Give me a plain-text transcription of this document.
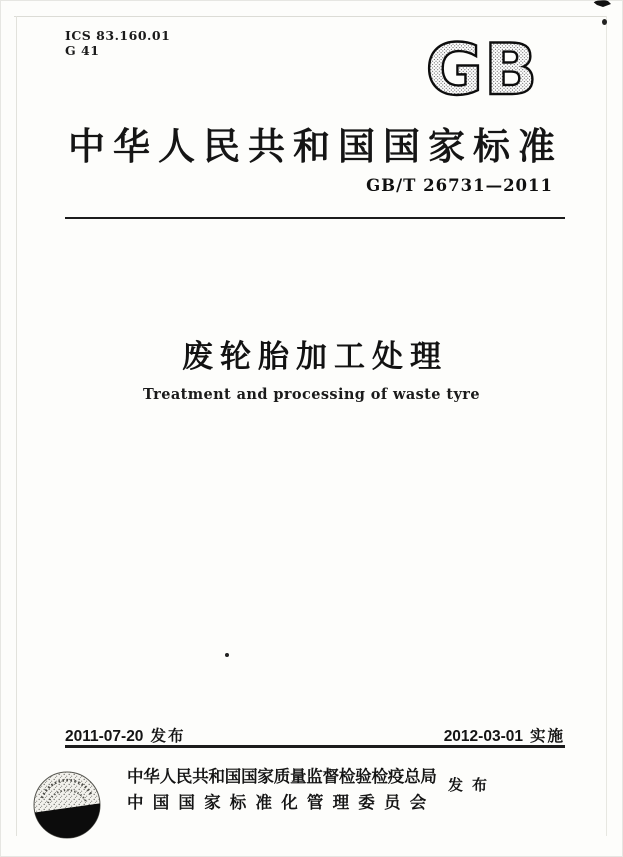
ICS 83.160.01
G 41	GB
中华人民共和国国家标准
GB/T 26731—2011
废轮胎加工处理
Treatment and processing of waste tyre
2011-07-20 发布	2012-03-01 实施
中华人民共和国国家质量监督检验检疫总局
中国国家标准化管理委员会
发布
